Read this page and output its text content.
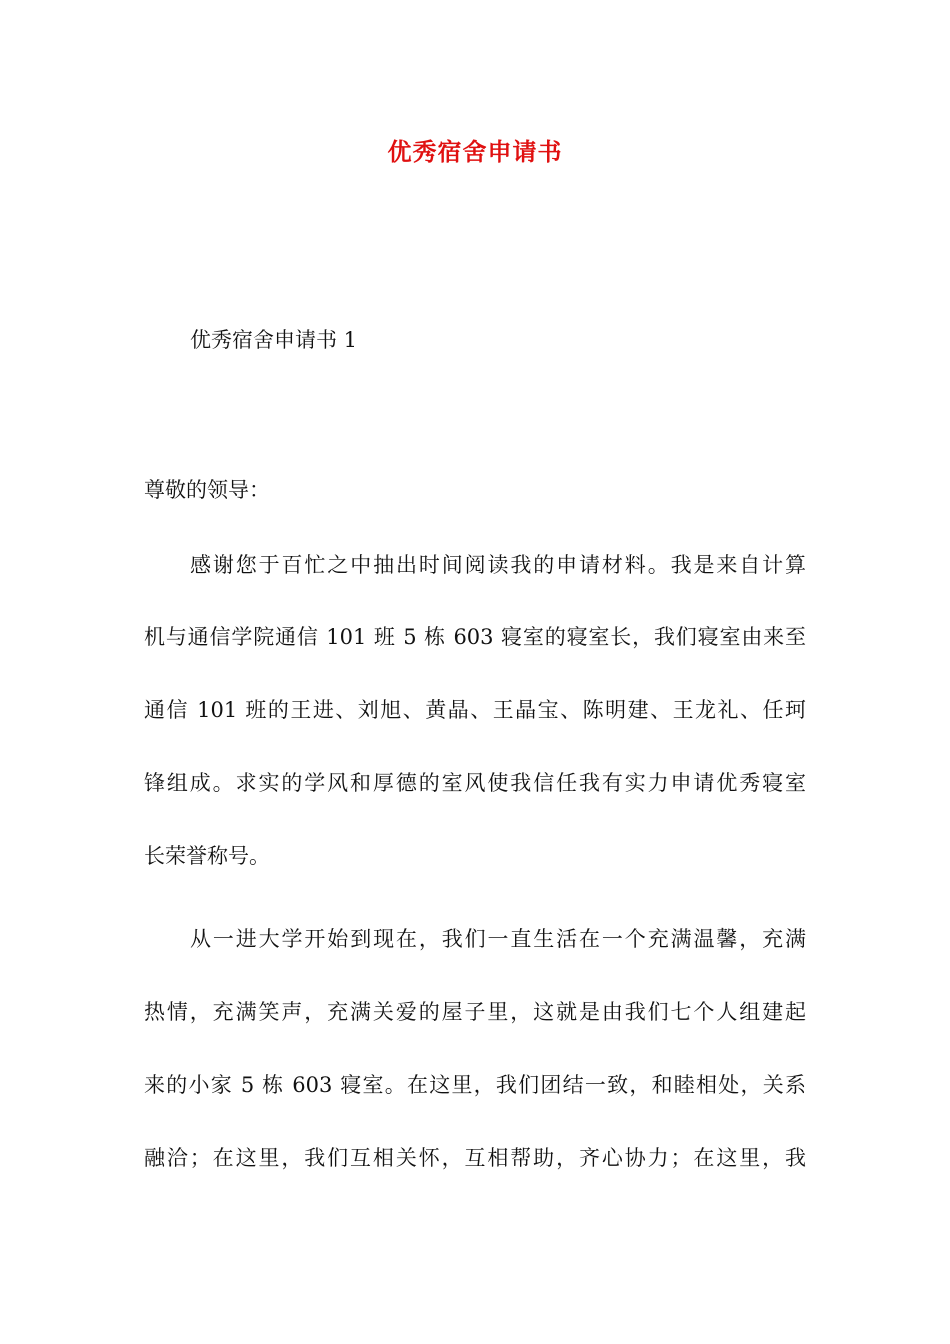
优秀宿舍申请书
优秀宿舍申请书 1
尊敬的领导：
感谢您于百忙之中抽出时间阅读我的申请材料。我是来自计算
机与通信学院通信 101 班 5 栋 603 寝室的寝室长，我们寝室由来至
通信 101 班的王进、刘旭、黄晶、王晶宝、陈明建、王龙礼、任珂
锋组成。求实的学风和厚德的室风使我信任我有实力申请优秀寝室
长荣誉称号。
从一进大学开始到现在，我们一直生活在一个充满温馨，充满
热情，充满笑声，充满关爱的屋子里，这就是由我们七个人组建起
来的小家 5 栋 603 寝室。在这里，我们团结一致，和睦相处，关系
融洽；在这里，我们互相关怀，互相帮助，齐心协力；在这里，我
